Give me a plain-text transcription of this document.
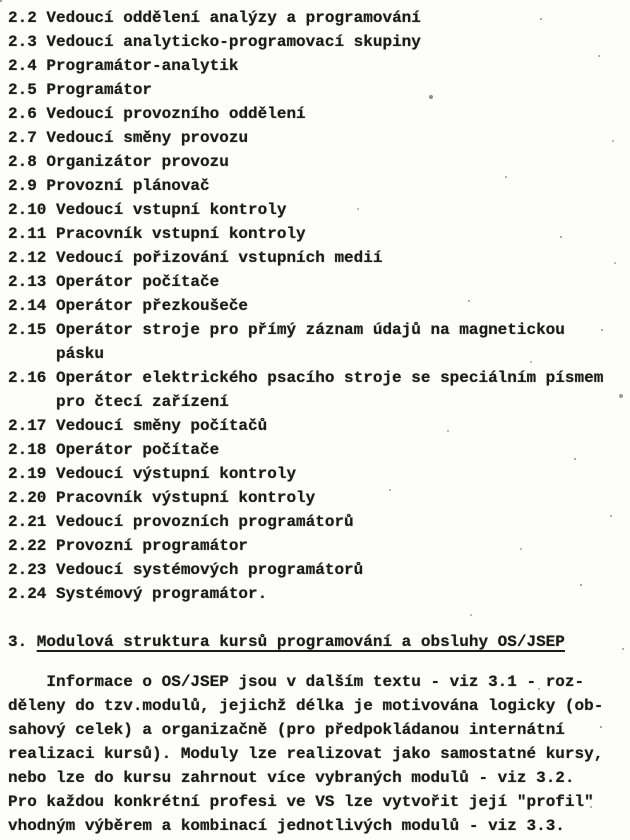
2.2 Vedoucí oddělení analýzy a programování
2.3 Vedoucí analyticko-programovací skupiny
2.4 Programátor-analytik
2.5 Programátor
2.6 Vedoucí provozního oddělení
2.7 Vedoucí směny provozu
2.8 Organizátor provozu
2.9 Provozní plánovač
2.10 Vedoucí vstupní kontroly
2.11 Pracovník vstupní kontroly
2.12 Vedoucí pořizování vstupních medií
2.13 Operátor počítače
2.14 Operátor přezkoušeče
2.15 Operátor stroje pro přímý záznam údajů na magnetickou
pásku
2.16 Operátor elektrického psacího stroje se speciálním písmem
pro čtecí zařízení
2.17 Vedoucí směny počítačů
2.18 Operátor počítače
2.19 Vedoucí výstupní kontroly
2.20 Pracovník výstupní kontroly
2.21 Vedoucí provozních programátorů
2.22 Provozní programátor
2.23 Vedoucí systémových programátorů
2.24 Systémový programátor.
3. Modulová struktura kursů programování a obsluhy OS/JSEP
Informace o OS/JSEP jsou v dalším textu - viz 3.1 - roz-
děleny do tzv.modulů, jejichž délka je motivována logicky (ob-
sahový celek) a organizačně (pro předpokládanou internátní
realizaci kursů). Moduly lze realizovat jako samostatné kursy,
nebo lze do kursu zahrnout více vybraných modulů - viz 3.2.
Pro každou konkrétní profesi ve VS lze vytvořit její "profil"
vhodným výběrem a kombinací jednotlivých modulů - viz 3.3.
